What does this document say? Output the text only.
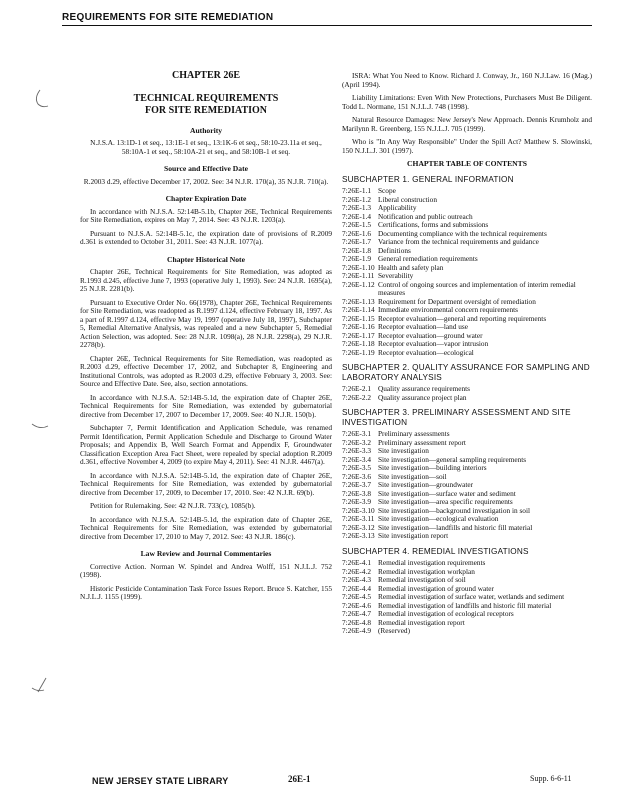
REQUIREMENTS FOR SITE REMEDIATION
CHAPTER 26E
TECHNICAL REQUIREMENTS
FOR SITE REMEDIATION
Authority

N.J.S.A. 13:1D-1 et seq., 13:1E-1 et seq., 13:1K-6 et seq., 58:10-23.11a et seq., 58:10A-1 et seq., 58:10A-21 et seq., and 58:10B-1 et seq.

Source and Effective Date

R.2003 d.29, effective December 17, 2002. See: 34 N.J.R. 170(a), 35 N.J.R. 710(a).

Chapter Expiration Date

In accordance with N.J.S.A. 52:14B-5.1b, Chapter 26E, Technical Requirements for Site Remediation, expires on May 7, 2014. See: 43 N.J.R. 1203(a).

Pursuant to N.J.S.A. 52:14B-5.1c, the expiration date of provisions of R.2009 d.361 is extended to October 31, 2011. See: 43 N.J.R. 1077(a).

Chapter Historical Note

Chapter 26E, Technical Requirements for Site Remediation, was adopted as R.1993 d.245, effective June 7, 1993 (operative July 1, 1993). See: 24 N.J.R. 1695(a), 25 N.J.R. 2281(b).

Pursuant to Executive Order No. 66(1978), Chapter 26E, Technical Requirements for Site Remediation, was readopted as R.1997 d.124, effective February 18, 1997. As a part of R.1997 d.124, effective May 19, 1997 (operative July 18, 1997), Subchapter 5, Remedial Alternative Analysis, was repealed and a new Subchapter 5, Remedial Action Selection, was adopted. See: 28 N.J.R. 1098(a), 28 N.J.R. 2298(a), 29 N.J.R. 2278(b).

Chapter 26E, Technical Requirements for Site Remediation, was readopted as R.2003 d.29, effective December 17, 2002, and Subchapter 8, Engineering and Institutional Controls, was adopted as R.2003 d.29, effective February 3, 2003. See: Source and Effective Date. See, also, section annotations.

In accordance with N.J.S.A. 52:14B-5.1d, the expiration date of Chapter 26E, Technical Requirements for Site Remediation, was extended by gubernatorial directive from December 17, 2007 to December 17, 2009. See: 40 N.J.R. 150(b).

Subchapter 7, Permit Identification and Application Schedule, was renamed Permit Identification, Permit Application Schedule and Discharge to Ground Water Proposals; and Appendix B, Well Search Format and Appendix F, Groundwater Classification Exception Area Fact Sheet, were repealed by special adoption R.2009 d.361, effective November 4, 2009 (to expire May 4, 2011). See: 41 N.J.R. 4467(a).

In accordance with N.J.S.A. 52:14B-5.1d, the expiration date of Chapter 26E, Technical Requirements for Site Remediation, was extended by gubernatorial directive from December 17, 2009, to December 17, 2010. See: 42 N.J.R. 69(b).

Petition for Rulemaking. See: 42 N.J.R. 733(c), 1085(b).

In accordance with N.J.S.A. 52:14B-5.1d, the expiration date of Chapter 26E, Technical Requirements for Site Remediation, was extended by gubernatorial directive from December 17, 2010 to May 7, 2012. See: 43 N.J.R. 186(c).

Law Review and Journal Commentaries

Corrective Action. Norman W. Spindel and Andrea Wolff, 151 N.J.L.J. 752 (1998).

Historic Pesticide Contamination Task Force Issues Report. Bruce S. Katcher, 155 N.J.L.J. 1155 (1999).

ISRA: What You Need to Know. Richard J. Conway, Jr., 160 N.J.Law. 16 (Mag.) (April 1994).

Liability Limitations: Even With New Protections, Purchasers Must Be Diligent. Todd L. Normane, 151 N.J.L.J. 748 (1998).

Natural Resource Damages: New Jersey's New Approach. Dennis Krumholz and Marilynn R. Greenberg, 155 N.J.L.J. 705 (1999).

Who is "In Any Way Responsible" Under the Spill Act? Matthew S. Slowinski, 150 N.J.L.J. 301 (1997).

CHAPTER TABLE OF CONTENTS
SUBCHAPTER 1. GENERAL INFORMATION
7:26E-1.1 Scope
7:26E-1.2 Liberal construction
7:26E-1.3 Applicability
7:26E-1.4 Notification and public outreach
7:26E-1.5 Certifications, forms and submissions
7:26E-1.6 Documenting compliance with the technical requirements
7:26E-1.7 Variance from the technical requirements and guidance
7:26E-1.8 Definitions
7:26E-1.9 General remediation requirements
7:26E-1.10 Health and safety plan
7:26E-1.11 Severability
7:26E-1.12 Control of ongoing sources and implementation of interim remedial measures
7:26E-1.13 Requirement for Department oversight of remediation
7:26E-1.14 Immediate environmental concern requirements
7:26E-1.15 Receptor evaluation—general and reporting requirements
7:26E-1.16 Receptor evaluation—land use
7:26E-1.17 Receptor evaluation—ground water
7:26E-1.18 Receptor evaluation—vapor intrusion
7:26E-1.19 Receptor evaluation—ecological
SUBCHAPTER 2. QUALITY ASSURANCE FOR SAMPLING AND LABORATORY ANALYSIS
7:26E-2.1 Quality assurance requirements
7:26E-2.2 Quality assurance project plan
SUBCHAPTER 3. PRELIMINARY ASSESSMENT AND SITE INVESTIGATION
7:26E-3.1 Preliminary assessments
7:26E-3.2 Preliminary assessment report
7:26E-3.3 Site investigation
7:26E-3.4 Site investigation—general sampling requirements
7:26E-3.5 Site investigation—building interiors
7:26E-3.6 Site investigation—soil
7:26E-3.7 Site investigation—groundwater
7:26E-3.8 Site investigation—surface water and sediment
7:26E-3.9 Site investigation—area specific requirements
7:26E-3.10 Site investigation—background investigation in soil
7:26E-3.11 Site investigation—ecological evaluation
7:26E-3.12 Site investigation—landfills and historic fill material
7:26E-3.13 Site investigation report
SUBCHAPTER 4. REMEDIAL INVESTIGATIONS
7:26E-4.1 Remedial investigation requirements
7:26E-4.2 Remedial investigation workplan
7:26E-4.3 Remedial investigation of soil
7:26E-4.4 Remedial investigation of ground water
7:26E-4.5 Remedial investigation of surface water, wetlands and sediment
7:26E-4.6 Remedial investigation of landfills and historic fill material
7:26E-4.7 Remedial investigation of ecological receptors
7:26E-4.8 Remedial investigation report
7:26E-4.9 (Reserved)
NEW JERSEY STATE LIBRARY	26E-1	Supp. 6-6-11
